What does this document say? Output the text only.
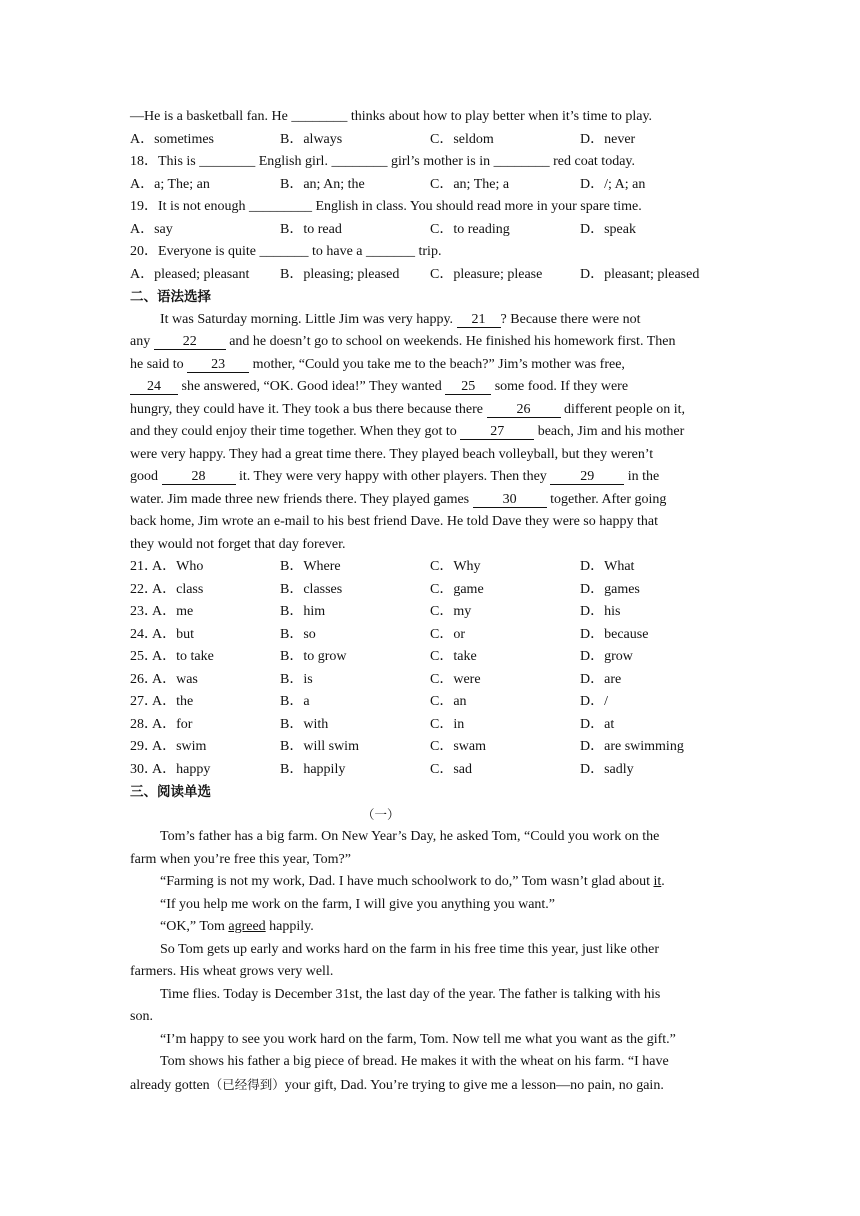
—He is a basketball fan. He ________ thinks about how to play better when it’s time to play.
A．sometimes	B．always	C．seldom	D．never
18．This is ________ English girl. ________ girl’s mother is in ________ red coat today.
A．a; The; an	B．an; An; the	C．an; The; a	D．/; A; an
19．It is not enough _________ English in class. You should read more in your spare time.
A．say	B．to read	C．to reading	D．speak
20．Everyone is quite _______ to have a _______ trip.
A．pleased; pleasant B．pleasing; pleased C．pleasure; please	D．pleasant; pleased
二、语法选择
It was Saturday morning. Little Jim was very happy. 21 ? Because there were not
any 22 and he doesn’t go to school on weekends. He finished his homework first. Then
he said to 23 mother, “Could you take me to the beach?” Jim’s mother was free,
24 she answered, “OK. Good idea!” They wanted 25 some food. If they were
hungry, they could have it. They took a bus there because there 26 different people on it,
and they could enjoy their time together. When they got to 27 beach, Jim and his mother
were very happy. They had a great time there. They played beach volleyball, but they weren’t
good 28 it. They were very happy with other players. Then they 29 in the
water. Jim made three new friends there. They played games 30 together. After going
back home, Jim wrote an e-mail to his best friend Dave. He told Dave they were so happy that
they would not forget that day forever.
21．
A．Who	B．Where	C．Why	D．What
22．
A．class	B．classes	C．game	D．games
23．
A．me	B．him	C．my	D．his
24．
A．but	B．so	C．or	D．because
25．
A．to take	B．to grow	C．take	D．grow
26．
A．was	B．is	C．were	D．are
27．
A．the	B．a	C．an	D．/
28．
A．for	B．with	C．in	D．at
29．
A．swim	B．will swim	C．swam	D．are swimming
30．
A．happy	B．happily	C．sad	D．sadly
三、阅读单选
（一）
Tom’s father has a big farm. On New Year’s Day, he asked Tom, “Could you work on the
farm when you’re free this year, Tom?”
“Farming is not my work, Dad. I have much schoolwork to do,” Tom wasn’t glad about it.
“If you help me work on the farm, I will give you anything you want.”
“OK,” Tom agreed happily.
So Tom gets up early and works hard on the farm in his free time this year, just like other
farmers. His wheat grows very well.
Time flies. Today is December 31st, the last day of the year. The father is talking with his
son.
“I’m happy to see you work hard on the farm, Tom. Now tell me what you want as the gift.”
Tom shows his father a big piece of bread. He makes it with the wheat on his farm. “I have
already gotten（已经得到）your gift, Dad. You’re trying to give me a lesson—no pain, no gain.
